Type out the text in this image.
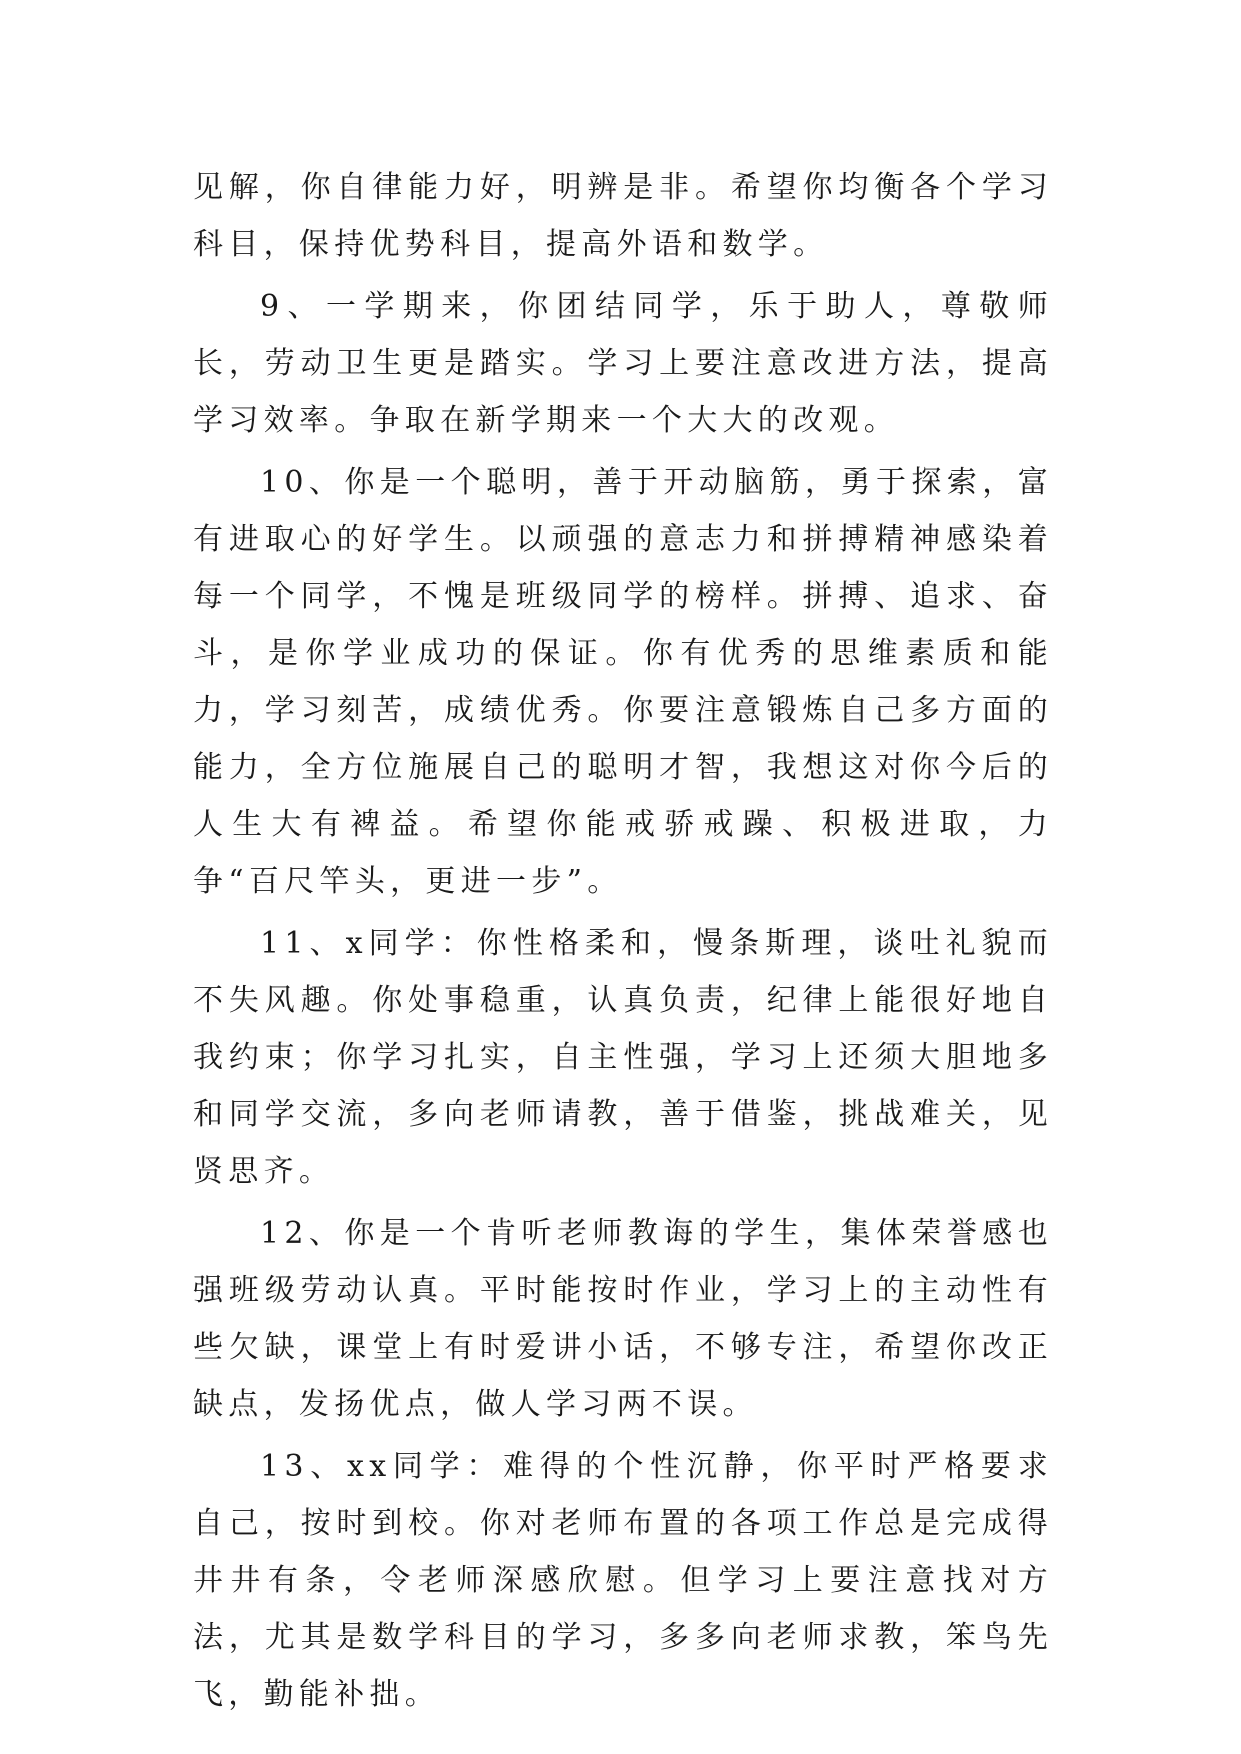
见解，你自律能力好，明辨是非。希望你均衡各个学习科目，保持优势科目，提高外语和数学。

9、一学期来，你团结同学，乐于助人，尊敬师长，劳动卫生更是踏实。学习上要注意改进方法，提高学习效率。争取在新学期来一个大大的改观。

10、你是一个聪明，善于开动脑筋，勇于探索，富有进取心的好学生。以顽强的意志力和拼搏精神感染着每一个同学，不愧是班级同学的榜样。拼搏、追求、奋斗，是你学业成功的保证。你有优秀的思维素质和能力，学习刻苦，成绩优秀。你要注意锻炼自己多方面的能力，全方位施展自己的聪明才智，我想这对你今后的人生大有裨益。希望你能戒骄戒躁、积极进取，力争“百尺竿头，更进一步”。

11、x同学：你性格柔和，慢条斯理，谈吐礼貌而不失风趣。你处事稳重，认真负责，纪律上能很好地自我约束；你学习扎实，自主性强，学习上还须大胆地多和同学交流，多向老师请教，善于借鉴，挑战难关，见贤思齐。

12、你是一个肯听老师教诲的学生，集体荣誉感也强班级劳动认真。平时能按时作业，学习上的主动性有些欠缺，课堂上有时爱讲小话，不够专注，希望你改正缺点，发扬优点，做人学习两不误。

13、xx同学：难得的个性沉静，你平时严格要求自己，按时到校。你对老师布置的各项工作总是完成得井井有条，令老师深感欣慰。但学习上要注意找对方法，尤其是数学科目的学习，多多向老师求教，笨鸟先飞，勤能补拙。
